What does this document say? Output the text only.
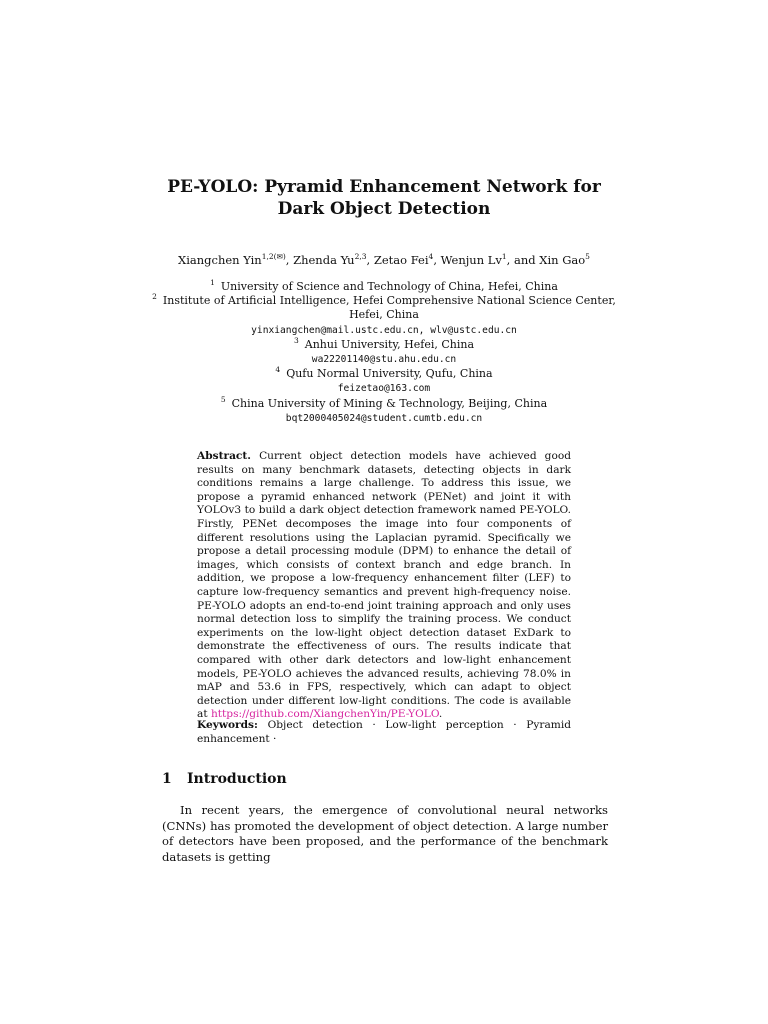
PE-YOLO: Pyramid Enhancement Network for
Dark Object Detection
Xiangchen Yin$^{1,2(✉)}$, Zhenda Yu$^{2,3}$, Zetao Fei$^4$, Wenjun Lv$^1$, and Xin Gao$^5$
$^1$ University of Science and Technology of China, Hefei, China
$^2$ Institute of Artificial Intelligence, Hefei Comprehensive National Science Center,
Hefei, China
yinxiangchen@mail.ustc.edu.cn, wlv@ustc.edu.cn
$^3$ Anhui University, Hefei, China
wa22201140@stu.ahu.edu.cn
$^4$ Qufu Normal University, Qufu, China
feizetao@163.com
$^5$ China University of Mining & Technology, Beijing, China
bqt2000405024@student.cumtb.edu.cn
Abstract. Current object detection models have achieved good results on many benchmark datasets, detecting objects in dark conditions remains a large challenge. To address this issue, we propose a pyramid enhanced network (PENet) and joint it with YOLOv3 to build a dark object detection framework named PE-YOLO. Firstly, PENet decomposes the image into four components of different resolutions using the Laplacian pyramid. Specifically we propose a detail processing module (DPM) to enhance the detail of images, which consists of context branch and edge branch. In addition, we propose a low-frequency enhancement filter (LEF) to capture low-frequency semantics and prevent high-frequency noise. PE-YOLO adopts an end-to-end joint training approach and only uses normal detection loss to simplify the training process. We conduct experiments on the low-light object detection dataset ExDark to demonstrate the effectiveness of ours. The results indicate that compared with other dark detectors and low-light enhancement models, PE-YOLO achieves the advanced results, achieving 78.0% in mAP and 53.6 in FPS, respectively, which can adapt to object detection under different low-light conditions. The code is available at https://github.com/XiangchenYin/PE-YOLO.
Keywords: Object detection · Low-light perception · Pyramid enhancement ·
1 Introduction
In recent years, the emergence of convolutional neural networks (CNNs) has promoted the development of object detection. A large number of detectors have been proposed, and the performance of the benchmark datasets is getting
